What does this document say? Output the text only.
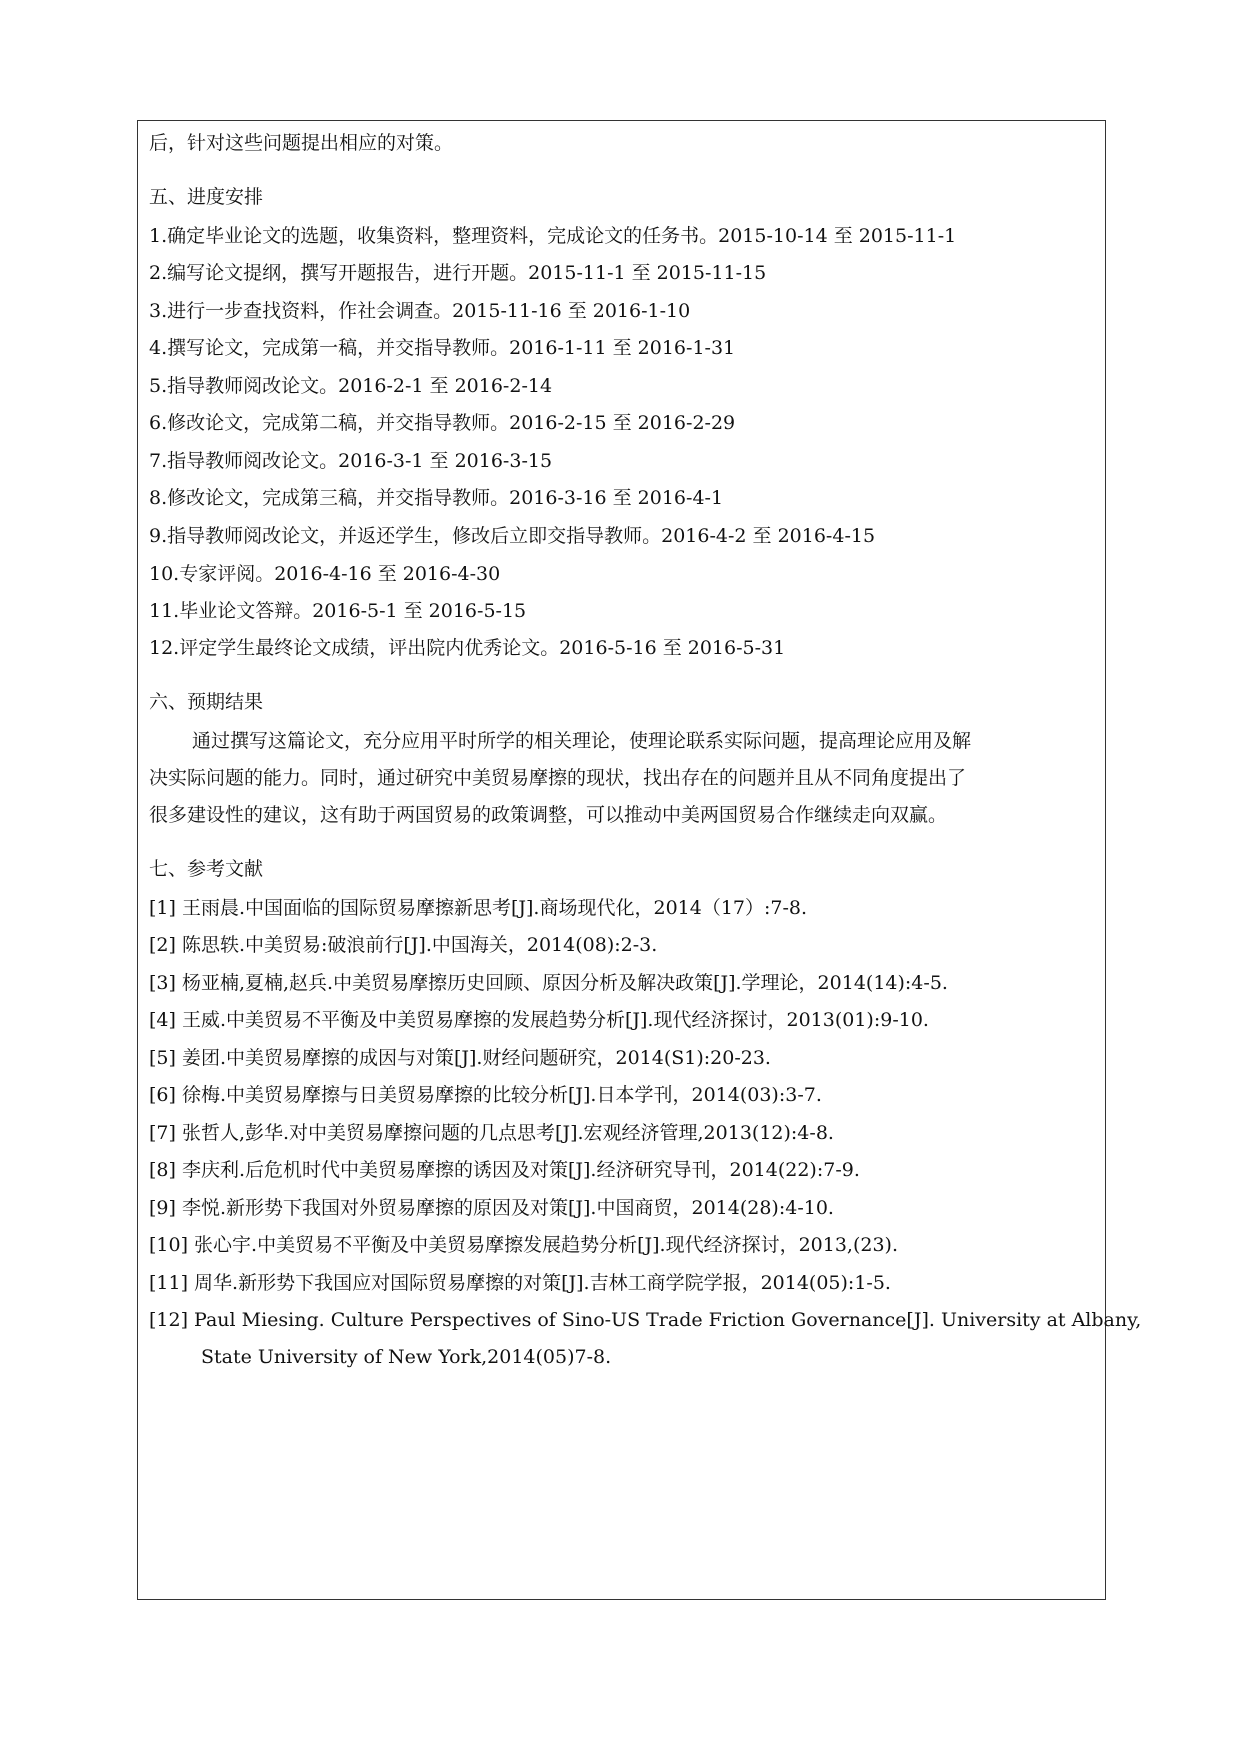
后，针对这些问题提出相应的对策。
五、进度安排
1.确定毕业论文的选题，收集资料，整理资料，完成论文的任务书。2015-10-14 至 2015-11-1
2.编写论文提纲，撰写开题报告，进行开题。2015-11-1 至 2015-11-15
3.进行一步查找资料，作社会调查。2015-11-16 至 2016-1-10
4.撰写论文，完成第一稿，并交指导教师。2016-1-11 至 2016-1-31
5.指导教师阅改论文。2016-2-1 至 2016-2-14
6.修改论文，完成第二稿，并交指导教师。2016-2-15 至 2016-2-29
7.指导教师阅改论文。2016-3-1 至 2016-3-15
8.修改论文，完成第三稿，并交指导教师。2016-3-16 至 2016-4-1
9.指导教师阅改论文，并返还学生，修改后立即交指导教师。2016-4-2 至 2016-4-15
10.专家评阅。2016-4-16 至 2016-4-30
11.毕业论文答辩。2016-5-1 至 2016-5-15
12.评定学生最终论文成绩，评出院内优秀论文。2016-5-16 至 2016-5-31
六、预期结果
通过撰写这篇论文，充分应用平时所学的相关理论，使理论联系实际问题，提高理论应用及解
决实际问题的能力。同时，通过研究中美贸易摩擦的现状，找出存在的问题并且从不同角度提出了
很多建设性的建议，这有助于两国贸易的政策调整，可以推动中美两国贸易合作继续走向双赢。
七、参考文献
[1] 王雨晨.中国面临的国际贸易摩擦新思考[J].商场现代化，2014（17）:7-8.
[2] 陈思轶.中美贸易:破浪前行[J].中国海关，2014(08):2-3.
[3] 杨亚楠,夏楠,赵兵.中美贸易摩擦历史回顾、原因分析及解决政策[J].学理论，2014(14):4-5.
[4] 王威.中美贸易不平衡及中美贸易摩擦的发展趋势分析[J].现代经济探讨，2013(01):9-10.
[5] 姜团.中美贸易摩擦的成因与对策[J].财经问题研究，2014(S1):20-23.
[6] 徐梅.中美贸易摩擦与日美贸易摩擦的比较分析[J].日本学刊，2014(03):3-7.
[7] 张哲人,彭华.对中美贸易摩擦问题的几点思考[J].宏观经济管理,2013(12):4-8.
[8] 李庆利.后危机时代中美贸易摩擦的诱因及对策[J].经济研究导刊，2014(22):7-9.
[9] 李悦.新形势下我国对外贸易摩擦的原因及对策[J].中国商贸，2014(28):4-10.
[10] 张心宇.中美贸易不平衡及中美贸易摩擦发展趋势分析[J].现代经济探讨，2013,(23).
[11] 周华.新形势下我国应对国际贸易摩擦的对策[J].吉林工商学院学报，2014(05):1-5.
[12] Paul Miesing. Culture Perspectives of Sino-US Trade Friction Governance[J]. University at Albany,
State University of New York,2014(05)7-8.
